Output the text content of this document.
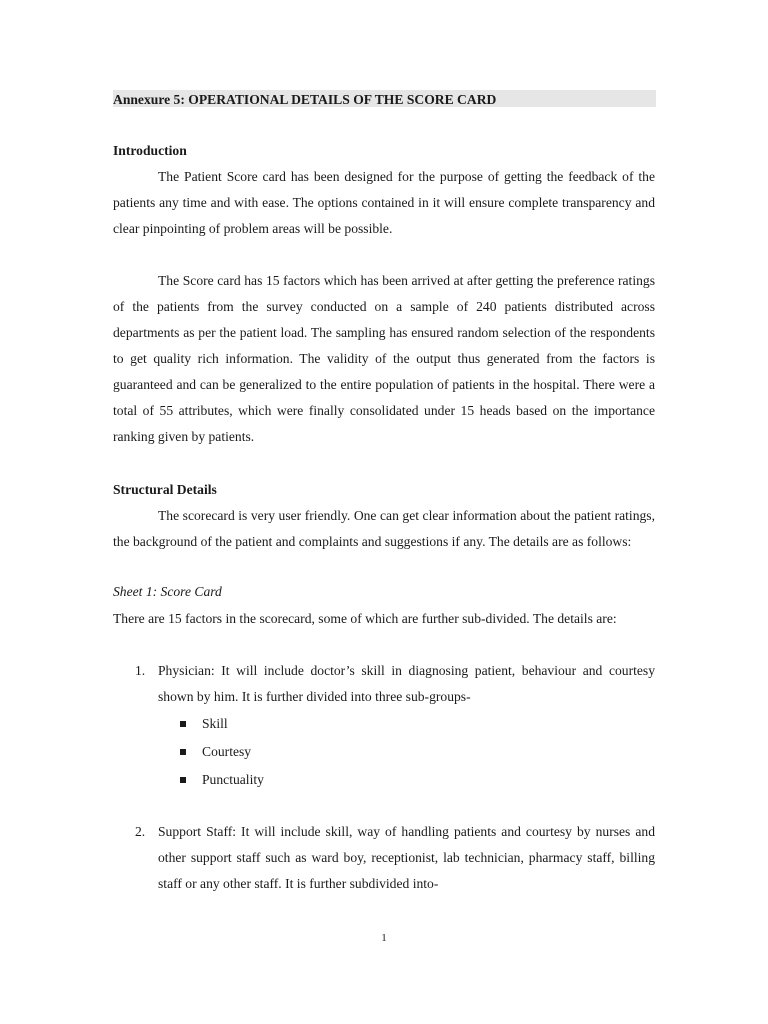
Annexure 5: OPERATIONAL DETAILS OF THE SCORE CARD
Introduction
The Patient Score card has been designed for the purpose of getting the feedback of the patients any time and with ease. The options contained in it will ensure complete transparency and clear pinpointing of problem areas will be possible.
The Score card has 15 factors which has been arrived at after getting the preference ratings of the patients from the survey conducted on a sample of 240 patients distributed across departments as per the patient load. The sampling has ensured random selection of the respondents to get quality rich information. The validity of the output thus generated from the factors is guaranteed and can be generalized to the entire population of patients in the hospital. There were a total of 55 attributes, which were finally consolidated under 15 heads based on the importance ranking given by patients.
Structural Details
The scorecard is very user friendly. One can get clear information about the patient ratings, the background of the patient and complaints and suggestions if any. The details are as follows:
Sheet 1: Score Card
There are 15 factors in the scorecard, some of which are further sub-divided. The details are:
1. Physician: It will include doctor’s skill in diagnosing patient, behaviour and courtesy shown by him. It is further divided into three sub-groups-
Skill
Courtesy
Punctuality
2. Support Staff: It will include skill, way of handling patients and courtesy by nurses and other support staff such as ward boy, receptionist, lab technician, pharmacy staff, billing staff or any other staff. It is further subdivided into-
1
